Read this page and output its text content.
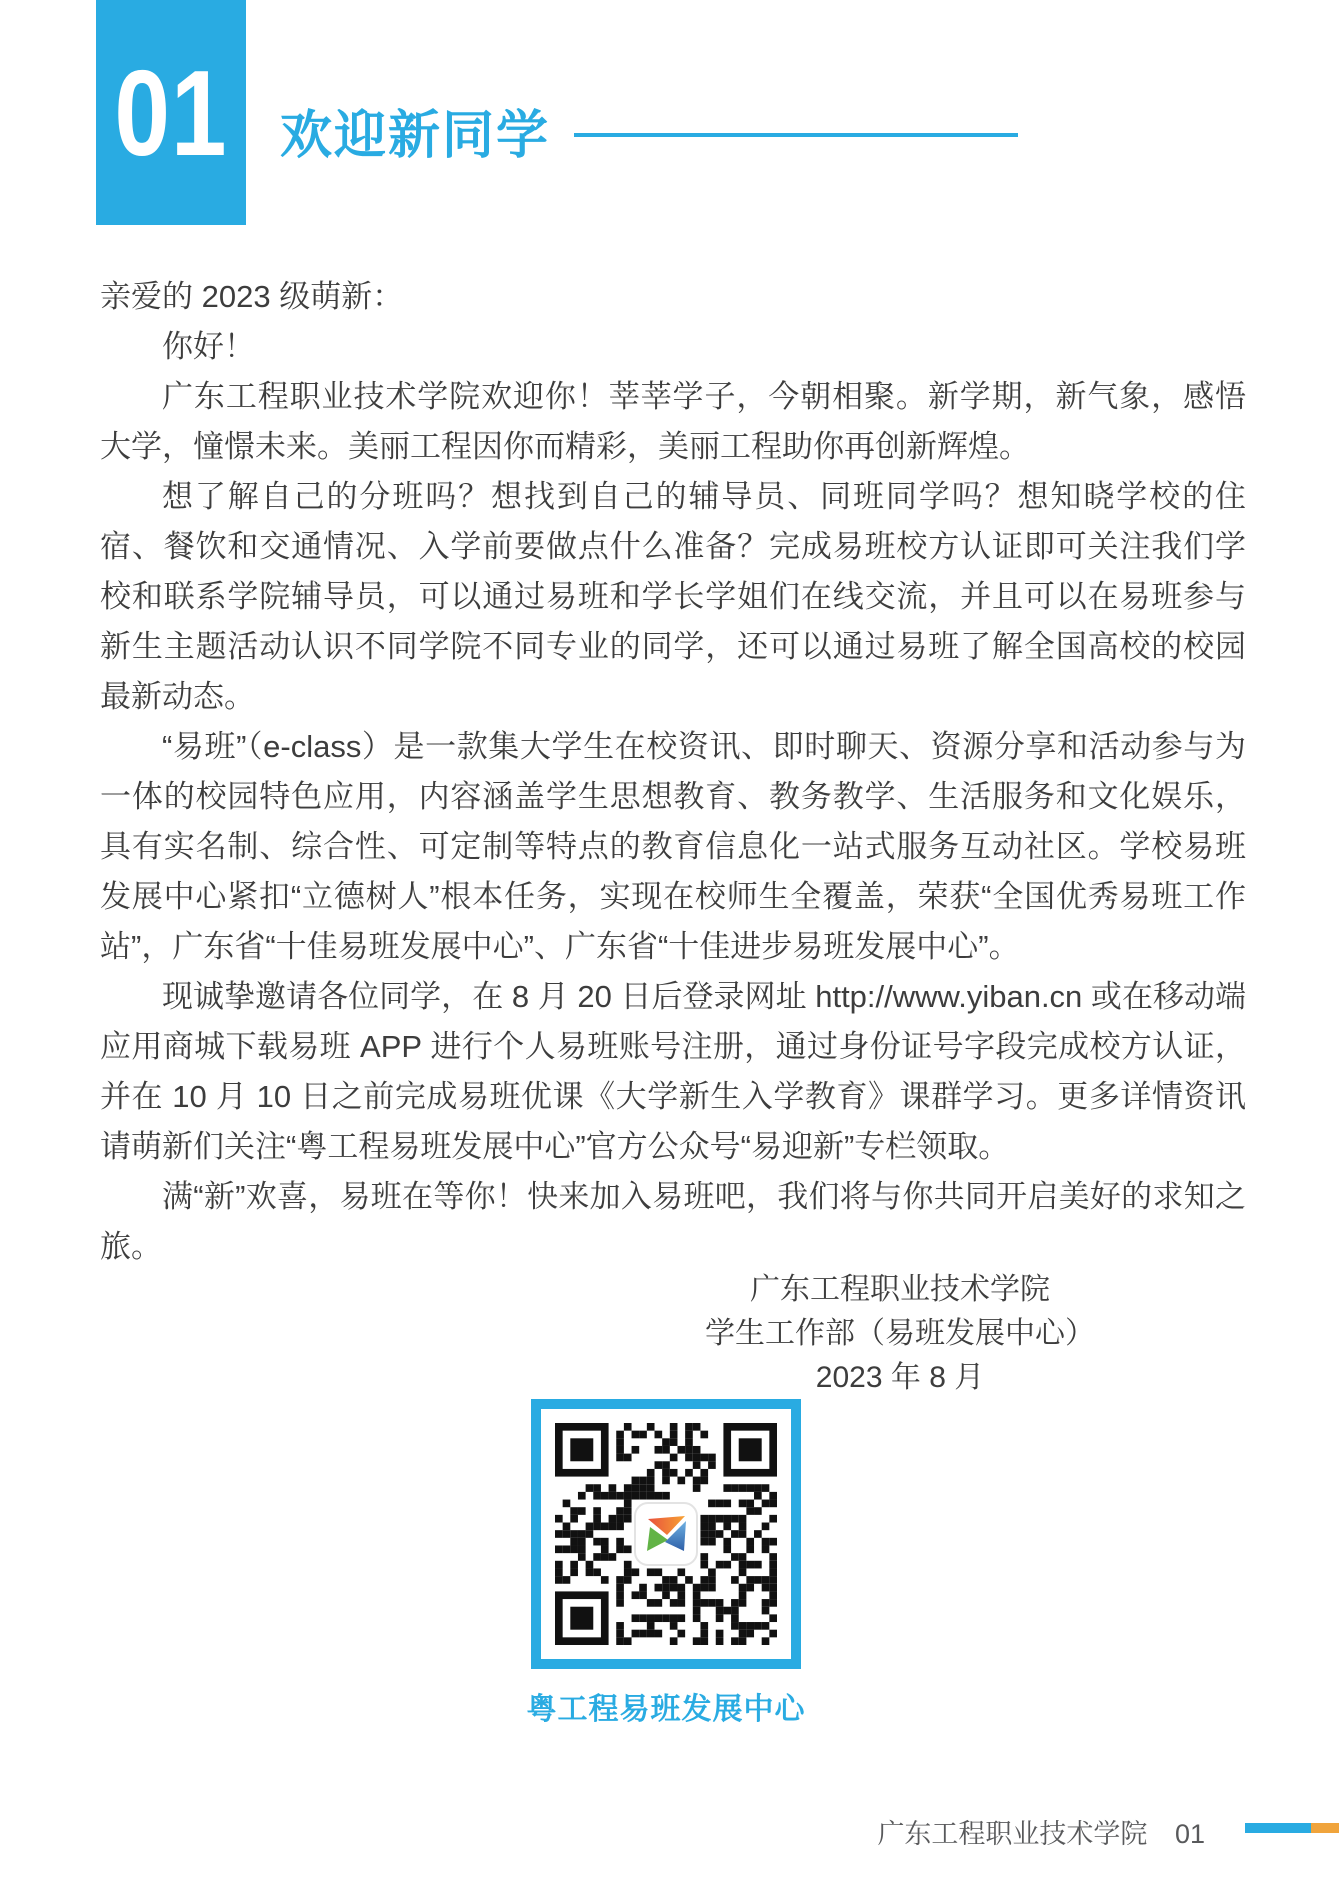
01 欢迎新同学

亲爱的 2023 级萌新：

你好！

广东工程职业技术学院欢迎你！莘莘学子，今朝相聚。新学期，新气象，感悟大学，憧憬未来。美丽工程因你而精彩，美丽工程助你再创新辉煌。

想了解自己的分班吗？想找到自己的辅导员、同班同学吗？想知晓学校的住宿、餐饮和交通情况、入学前要做点什么准备？完成易班校方认证即可关注我们学校和联系学院辅导员，可以通过易班和学长学姐们在线交流，并且可以在易班参与新生主题活动认识不同学院不同专业的同学，还可以通过易班了解全国高校的校园最新动态。

“易班”（e-class）是一款集大学生在校资讯、即时聊天、资源分享和活动参与为一体的校园特色应用，内容涵盖学生思想教育、教务教学、生活服务和文化娱乐，具有实名制、综合性、可定制等特点的教育信息化一站式服务互动社区。学校易班发展中心紧扣“立德树人”根本任务，实现在校师生全覆盖，荣获“全国优秀易班工作站”，广东省“十佳易班发展中心”、广东省“十佳进步易班发展中心”。

现诚挚邀请各位同学，在 8 月 20 日后登录网址 http://www.yiban.cn 或在移动端应用商城下载易班 APP 进行个人易班账号注册，通过身份证号字段完成校方认证，并在 10 月 10 日之前完成易班优课《大学新生入学教育》课群学习。更多详情资讯请萌新们关注“粤工程易班发展中心”官方公众号“易迎新”专栏领取。

满“新”欢喜，易班在等你！快来加入易班吧，我们将与你共同开启美好的求知之旅。

广东工程职业技术学院
学生工作部（易班发展中心）
2023 年 8 月
粤工程易班发展中心
广东工程职业技术学院 01
